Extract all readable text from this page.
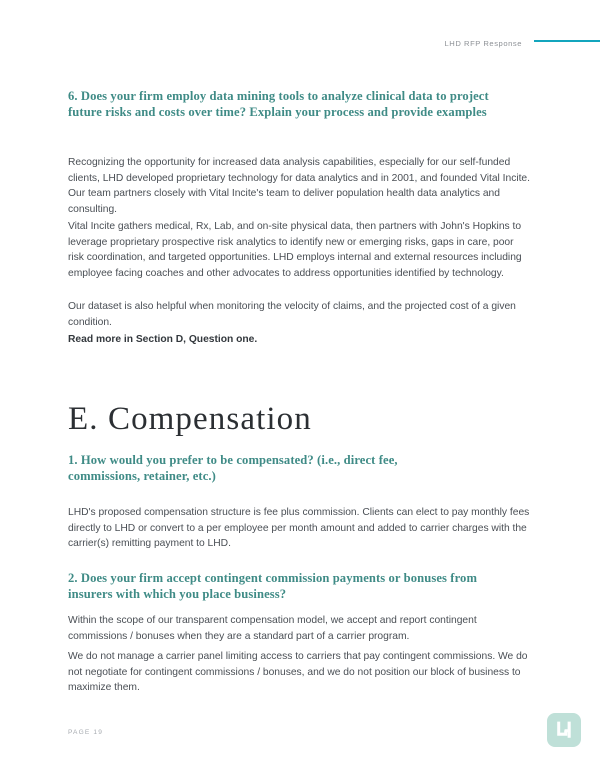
LHD RFP Response
6. Does your firm employ data mining tools to analyze clinical data to project future risks and costs over time? Explain your process and provide examples

Recognizing the opportunity for increased data analysis capabilities, especially for our self-funded clients, LHD developed proprietary technology for data analytics and in 2001, and founded Vital Incite. Our team partners closely with Vital Incite's team to deliver population health data analytics and consulting.

Vital Incite gathers medical, Rx, Lab, and on-site physical data, then partners with John's Hopkins to leverage proprietary prospective risk analytics to identify new or emerging risks, gaps in care, poor risk coordination, and targeted opportunities. LHD employs internal and external resources including employee facing coaches and other advocates to address opportunities identified by technology.

Our dataset is also helpful when monitoring the velocity of claims, and the projected cost of a given condition.

Read more in Section D, Question one.

E. Compensation
1. How would you prefer to be compensated? (i.e., direct fee, commissions, retainer, etc.)

LHD's proposed compensation structure is fee plus commission. Clients can elect to pay monthly fees directly to LHD or convert to a per employee per month amount and added to carrier charges with the carrier(s) remitting payment to LHD.

2. Does your firm accept contingent commission payments or bonuses from insurers with which you place business?

Within the scope of our transparent compensation model, we accept and report contingent commissions / bonuses when they are a standard part of a carrier program.

We do not manage a carrier panel limiting access to carriers that pay contingent commissions. We do not negotiate for contingent commissions / bonuses, and we do not position our block of business to maximize them.

PAGE 19
